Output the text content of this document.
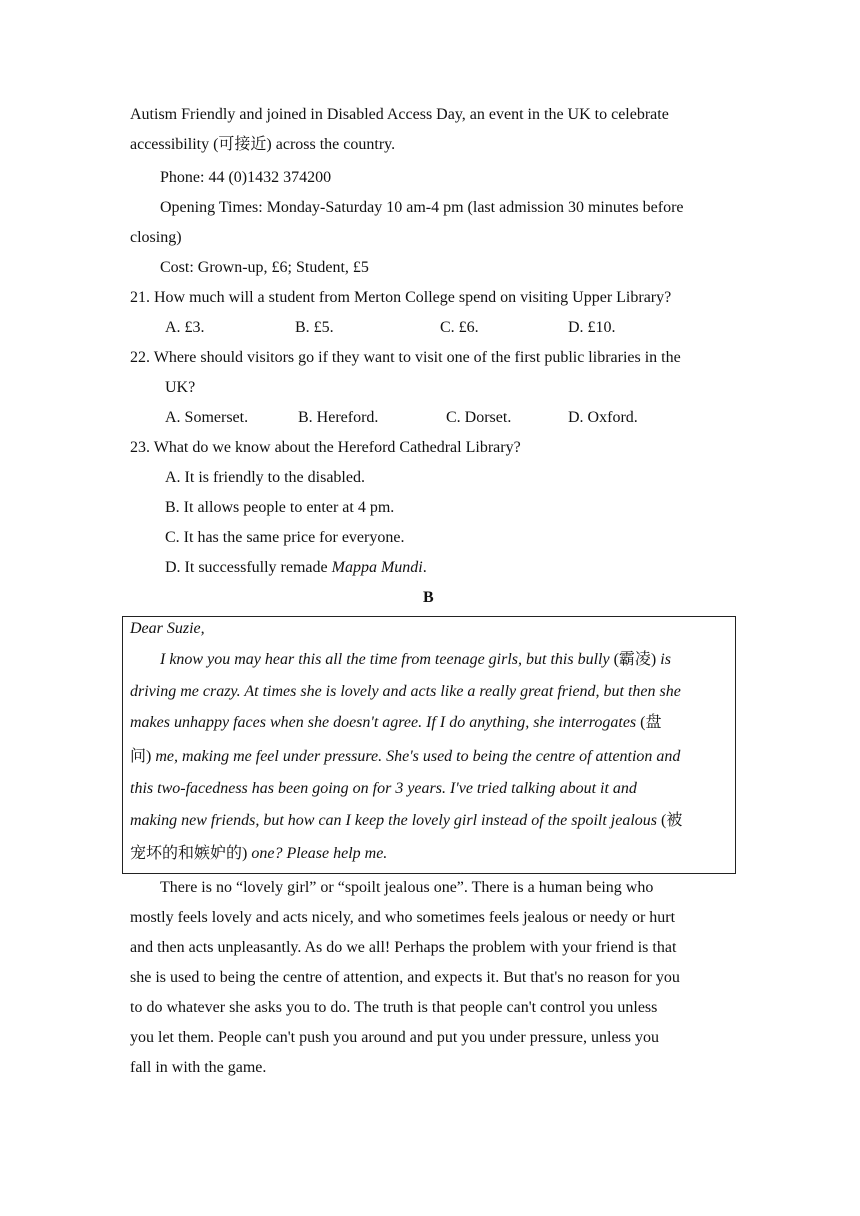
Autism Friendly and joined in Disabled Access Day, an event in the UK to celebrate
accessibility (可接近) across the country.
Phone: 44 (0)1432 374200
Opening Times: Monday-Saturday 10 am-4 pm (last admission 30 minutes before
closing)
Cost: Grown-up, £6; Student, £5
21. How much will a student from Merton College spend on visiting Upper Library?
A. £3.	B. £5.	C. £6.	D. £10.
22. Where should visitors go if they want to visit one of the first public libraries in the
UK?
A. Somerset.	B. Hereford.	C. Dorset.	D. Oxford.
23. What do we know about the Hereford Cathedral Library?
A. It is friendly to the disabled.
B. It allows people to enter at 4 pm.
C. It has the same price for everyone.
D. It successfully remade Mappa Mundi.
B
Dear Suzie,
I know you may hear this all the time from teenage girls, but this bully (霸凌) is
driving me crazy. At times she is lovely and acts like a really great friend, but then she
makes unhappy faces when she doesn't agree. If I do anything, she interrogates (盘
问) me, making me feel under pressure. She's used to being the centre of attention and
this two-facedness has been going on for 3 years. I've tried talking about it and
making new friends, but how can I keep the lovely girl instead of the spoilt jealous (被
宠坏的和嫉妒的) one? Please help me.
There is no “lovely girl” or “spoilt jealous one”. There is a human being who
mostly feels lovely and acts nicely, and who sometimes feels jealous or needy or hurt
and then acts unpleasantly. As do we all! Perhaps the problem with your friend is that
she is used to being the centre of attention, and expects it. But that's no reason for you
to do whatever she asks you to do. The truth is that people can't control you unless
you let them. People can't push you around and put you under pressure, unless you
fall in with the game.
